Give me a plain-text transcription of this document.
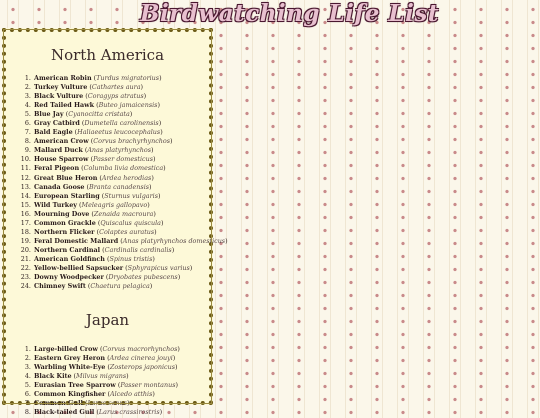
Birdwatching Life List
North America
1. American Robin (Turdus migratorius)
2. Turkey Vulture (Cathartes aura)
3. Black Vulture (Coragyps atratus)
4. Red Tailed Hawk (Buteo jamaicensis)
5. Blue Jay (Cyanocitta cristata)
6. Gray Catbird (Dumetella carolinensis)
7. Bald Eagle (Haliaeetus leucocephalus)
8. American Crow (Corvus brachyrhynchos)
9. Mallard Duck (Anas platyrhynchos)
10. House Sparrow (Passer domesticus)
11. Feral Pigeon (Columba livia domestica)
12. Great Blue Heron (Ardea herodias)
13. Canada Goose (Branta canadensis)
14. European Starling (Sturnus vulgaris)
15. Wild Turkey (Meleagris gallopavo)
16. Mourning Dove (Zenaida macroura)
17. Common Grackle (Quiscalus quiscula)
18. Northern Flicker (Colaptes auratus)
19. Feral Domestic Mallard (Anas platyrhynchos domesticus)
20. Northern Cardinal (Cardinalis cardinalis)
21. American Goldfinch (Spinus tristis)
22. Yellow-bellied Sapsucker (Sphyrapicus varius)
23. Downy Woodpecker (Dryobates pubescens)
24. Chimney Swift (Chaetura pelagica)
Japan
1. Large-billed Crow (Corvus macrorhynchos)
2. Eastern Grey Heron (Ardea cinerea jouyi)
3. Warbling White-Eye (Zosterops japonicus)
4. Black Kite (Milvus migrans)
5. Eurasian Tree Sparrow (Passer montanus)
6. Common Kingfisher (Alcedo atthis)
7. Common Gull (Larus canus)
8. Black-tailed Gull (Larus crassirostris)
